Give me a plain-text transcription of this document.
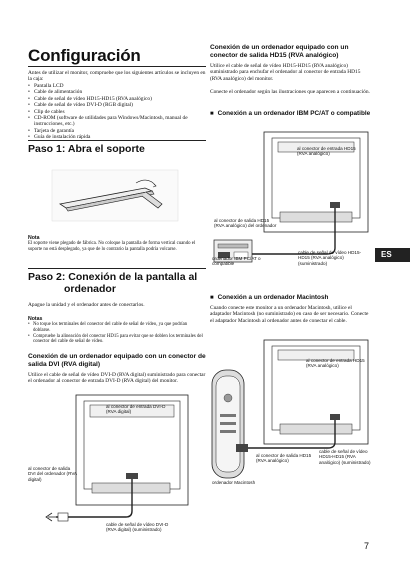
Configuración

Antes de utilizar el monitor, compruebe que los siguientes artículos se incluyen en la caja:

• Pantalla LCD
• Cable de alimentación
• Cable de señal de vídeo HD15-HD15 (RVA analógico)
• Cable de señal de vídeo DVI-D (RGB digital)
• Clip de cables
• CD-ROM (software de utilidades para Windows/Macintosh, manual de instrucciones, etc.)
• Tarjeta de garantía
• Guía de instalación rápida

Paso 1: Abra el soporte

Nota

El soporte viene plegado de fábrica. No coloque la pantalla de forma vertical cuando el soporte no está desplegado, ya que de lo contrario la pantalla podría volcarse.

Paso 2: Conexión de la pantalla al

ordenador

Apague la unidad y el ordenador antes de conectarlos.

Notas

• No toque los terminales del conector del cable de señal de vídeo, ya que podrían doblarse.
• Compruebe la alineación del conector HD15 para evitar que se doblen los terminales del conector del cable de señal de vídeo.

Conexión de un ordenador equipado con un conector de salida DVI (RVA digital)

Utilice el cable de señal de vídeo DVI-D (RVA digital) suministrado para conectar el ordenador al conector de entrada DVI-D (RVA digital) del monitor.

al conector de entrada DVI-D (RVA digital)
al conector de salida DVI del ordenador (RVA digital)
cable de señal de vídeo DVI-D (RVA digital) (suministrado)

Conexión de un ordenador equipado con un conector de salida HD15 (RVA analógico)

Utilice el cable de señal de vídeo HD15-HD15 (RVA analógico) suministrado para enchufar el ordenador al conector de entrada HD15 (RVA analógico) del monitor.

Conecte el ordenador según las ilustraciones que aparecen a continuación.

■ Conexión a un ordenador IBM PC/AT o compatible
al conector de entrada HD15 (RVA analógico)
al conector de salida HD15 (RVA analógico) del ordenador
ordenador IBM PC/AT o compatible
cable de señal de vídeo HD15-HD15 (RVA analógico) (suministrado)
■ Conexión a un ordenador Macintosh

Cuando conecte este monitor a un ordenador Macintosh, utilice el adaptador Macintosh (no suministrado) en caso de ser necesario. Conecte el adaptador Macintosh al ordenador antes de conectar el cable.

al conector de entrada HD15 (RVA analógico)
al conector de salida HD15 (RVA analógico)
cable de señal de vídeo HD15-HD15 (RVA analógico) (suministrado)
ordenador Macintosh
ES
7
